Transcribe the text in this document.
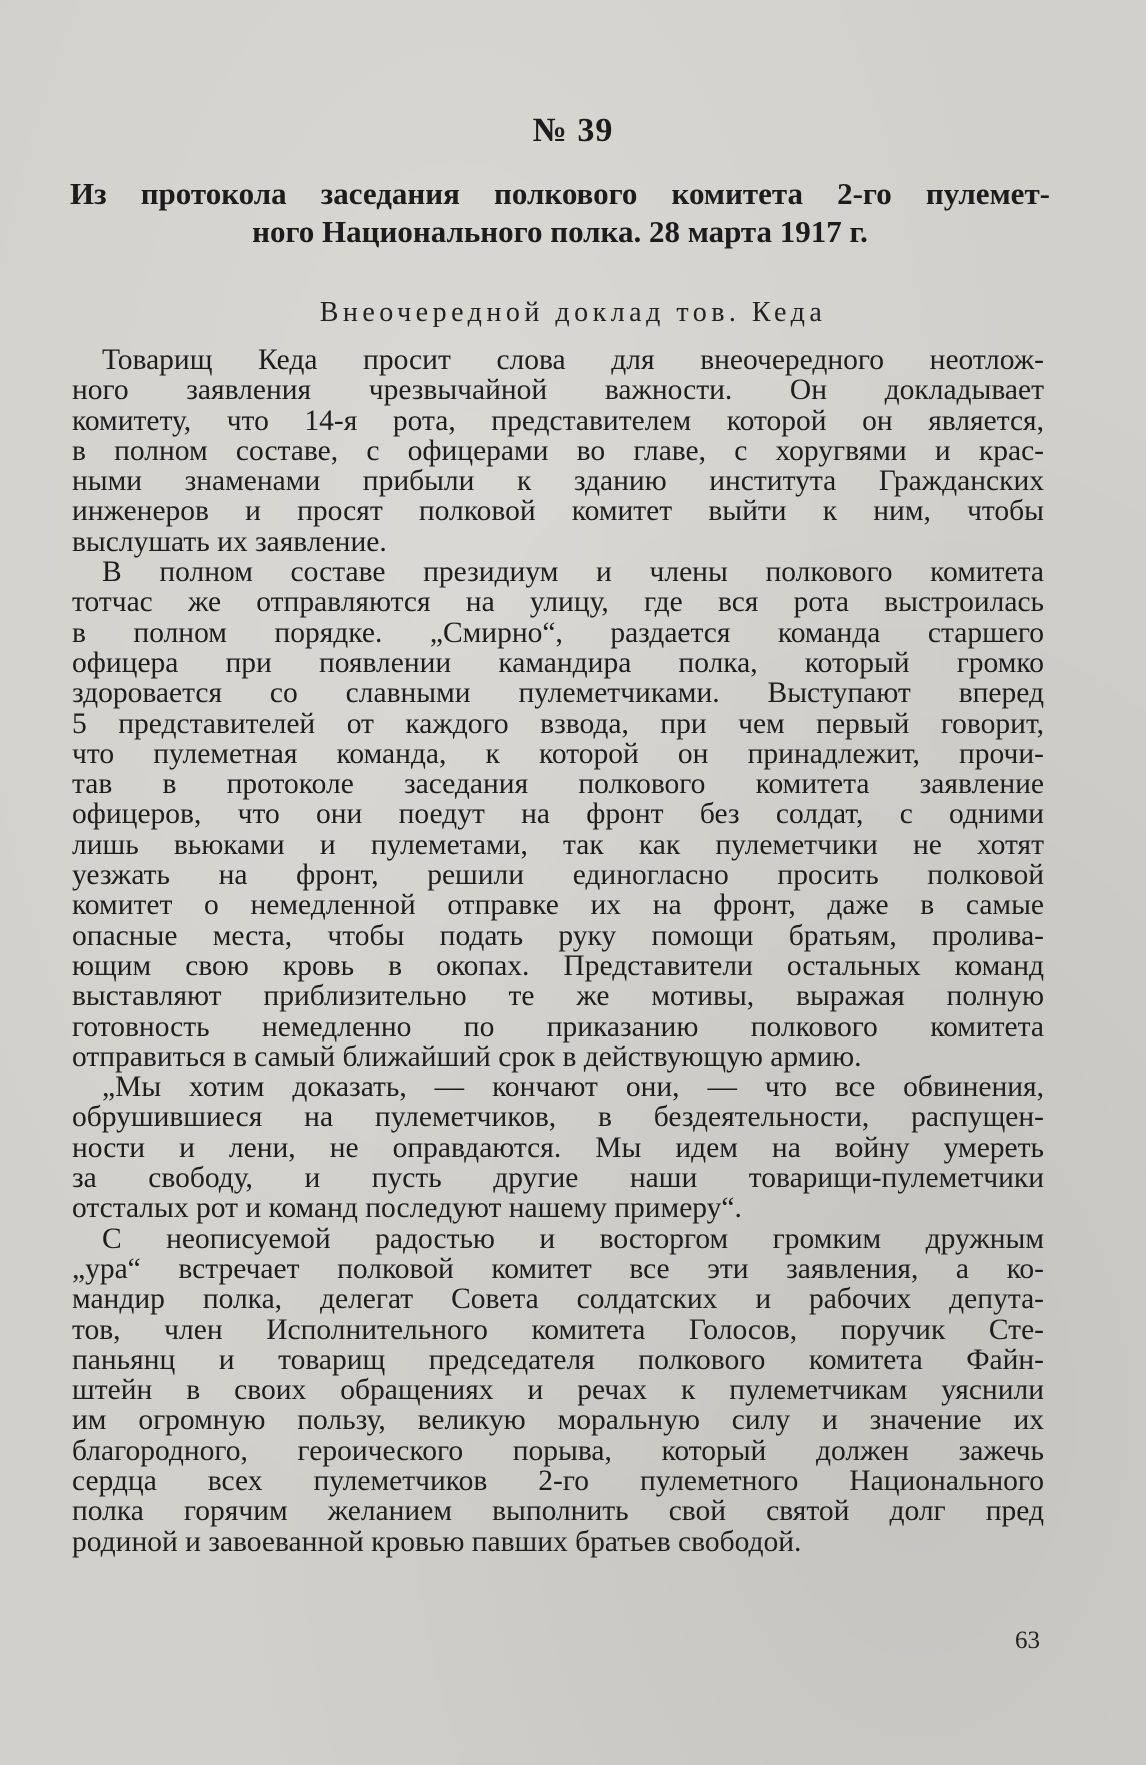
№ 39
Из протокола заседания полкового комитета 2-го пулемет-
ного Национального полка. 28 марта 1917 г.
Внеочередной доклад тов. Кеда
Товарищ Кеда просит слова для внеочередного неотлож-
ного заявления чрезвычайной важности. Он докладывает
комитету, что 14-я рота, представителем которой он является,
в полном составе, с офицерами во главе, с хоругвями и крас-
ными знаменами прибыли к зданию института Гражданских
инженеров и просят полковой комитет выйти к ним, чтобы
выслушать их заявление.
В полном составе президиум и члены полкового комитета
тотчас же отправляются на улицу, где вся рота выстроилась
в полном порядке. „Смирно“, раздается команда старшего
офицера при появлении камандира полка, который громко
здоровается со славными пулеметчиками. Выступают вперед
5 представителей от каждого взвода, при чем первый говорит,
что пулеметная команда, к которой он принадлежит, прочи-
тав в протоколе заседания полкового комитета заявление
офицеров, что они поедут на фронт без солдат, с одними
лишь вьюками и пулеметами, так как пулеметчики не хотят
уезжать на фронт, решили единогласно просить полковой
комитет о немедленной отправке их на фронт, даже в самые
опасные места, чтобы подать руку помощи братьям, пролива-
ющим свою кровь в окопах. Представители остальных команд
выставляют приблизительно те же мотивы, выражая полную
готовность немедленно по приказанию полкового комитета
отправиться в самый ближайший срок в действующую армию.
„Мы хотим доказать, — кончают они, — что все обвинения,
обрушившиеся на пулеметчиков, в бездеятельности, распущен-
ности и лени, не оправдаются. Мы идем на войну умереть
за свободу, и пусть другие наши товарищи-пулеметчики
отсталых рот и команд последуют нашему примеру“.
С неописуемой радостью и восторгом громким дружным
„ура“ встречает полковой комитет все эти заявления, а ко-
мандир полка, делегат Совета солдатских и рабочих депута-
тов, член Исполнительного комитета Голосов, поручик Сте-
паньянц и товарищ председателя полкового комитета Файн-
штейн в своих обращениях и речах к пулеметчикам уяснили
им огромную пользу, великую моральную силу и значение их
благородного, героического порыва, который должен зажечь
сердца всех пулеметчиков 2-го пулеметного Национального
полка горячим желанием выполнить свой святой долг пред
родиной и завоеванной кровью павших братьев свободой.
63
